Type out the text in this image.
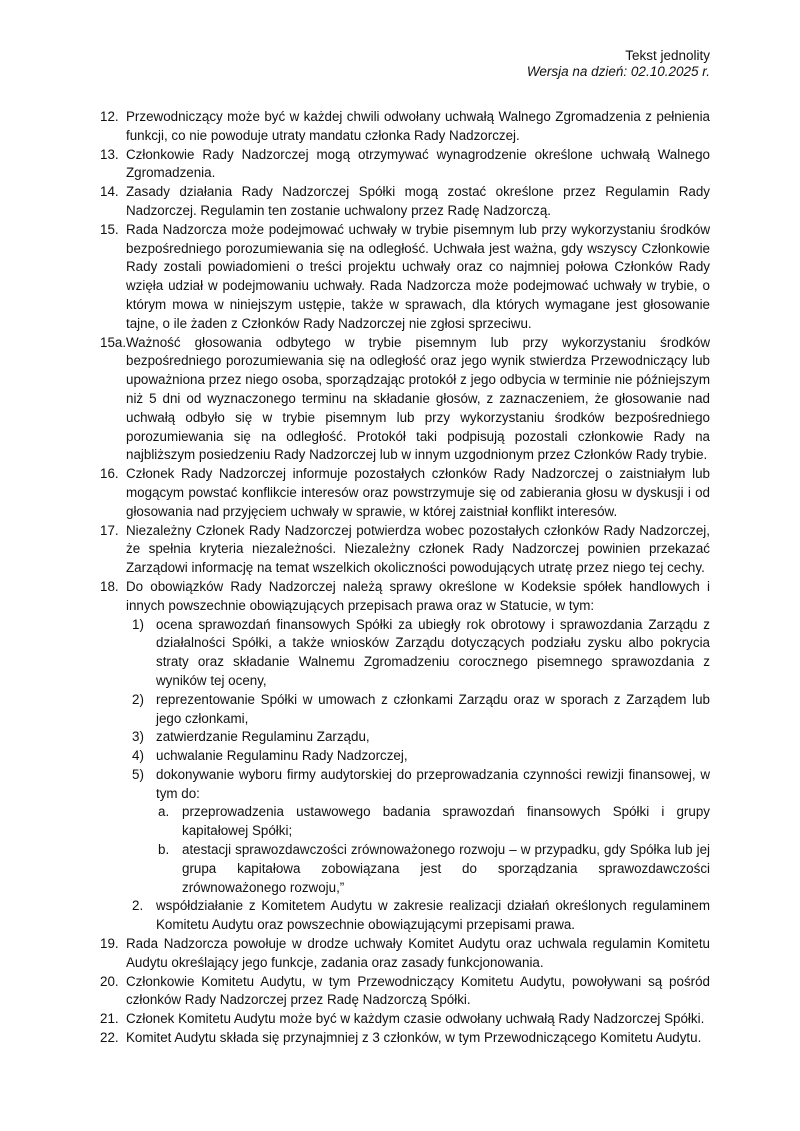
Tekst jednolity
Wersja na dzień: 02.10.2025 r.
12. Przewodniczący może być w każdej chwili odwołany uchwałą Walnego Zgromadzenia z pełnienia funkcji, co nie powoduje utraty mandatu członka Rady Nadzorczej.
13. Członkowie Rady Nadzorczej mogą otrzymywać wynagrodzenie określone uchwałą Walnego Zgromadzenia.
14. Zasady działania Rady Nadzorczej Spółki mogą zostać określone przez Regulamin Rady Nadzorczej. Regulamin ten zostanie uchwalony przez Radę Nadzorczą.
15. Rada Nadzorcza może podejmować uchwały w trybie pisemnym lub przy wykorzystaniu środków bezpośredniego porozumiewania się na odległość. Uchwała jest ważna, gdy wszyscy Członkowie Rady zostali powiadomieni o treści projektu uchwały oraz co najmniej połowa Członków Rady wzięła udział w podejmowaniu uchwały. Rada Nadzorcza może podejmować uchwały w trybie, o którym mowa w niniejszym ustępie, także w sprawach, dla których wymagane jest głosowanie tajne, o ile żaden z Członków Rady Nadzorczej nie zgłosi sprzeciwu.
15a. Ważność głosowania odbytego w trybie pisemnym lub przy wykorzystaniu środków bezpośredniego porozumiewania się na odległość oraz jego wynik stwierdza Przewodniczący lub upoważniona przez niego osoba, sporządzając protokół z jego odbycia w terminie nie późniejszym niż 5 dni od wyznaczonego terminu na składanie głosów, z zaznaczeniem, że głosowanie nad uchwałą odbyło się w trybie pisemnym lub przy wykorzystaniu środków bezpośredniego porozumiewania się na odległość. Protokół taki podpisują pozostali członkowie Rady na najbliższym posiedzeniu Rady Nadzorczej lub w innym uzgodnionym przez Członków Rady trybie.
16. Członek Rady Nadzorczej informuje pozostałych członków Rady Nadzorczej o zaistniałym lub mogącym powstać konflikcie interesów oraz powstrzymuje się od zabierania głosu w dyskusji i od głosowania nad przyjęciem uchwały w sprawie, w której zaistniał konflikt interesów.
17. Niezależny Członek Rady Nadzorczej potwierdza wobec pozostałych członków Rady Nadzorczej, że spełnia kryteria niezależności. Niezależny członek Rady Nadzorczej powinien przekazać Zarządowi informację na temat wszelkich okoliczności powodujących utratę przez niego tej cechy.
18. Do obowiązków Rady Nadzorczej należą sprawy określone w Kodeksie spółek handlowych i innych powszechnie obowiązujących przepisach prawa oraz w Statucie, w tym:
1) ocena sprawozdań finansowych Spółki za ubiegły rok obrotowy i sprawozdania Zarządu z działalności Spółki, a także wniosków Zarządu dotyczących podziału zysku albo pokrycia straty oraz składanie Walnemu Zgromadzeniu corocznego pisemnego sprawozdania z wyników tej oceny,
2) reprezentowanie Spółki w umowach z członkami Zarządu oraz w sporach z Zarządem lub jego członkami,
3) zatwierdzanie Regulaminu Zarządu,
4) uchwalanie Regulaminu Rady Nadzorczej,
5) dokonywanie wyboru firmy audytorskiej do przeprowadzania czynności rewizji finansowej, w tym do:
a. przeprowadzenia ustawowego badania sprawozdań finansowych Spółki i grupy kapitałowej Spółki;
b. atestacji sprawozdawczości zrównoważonego rozwoju – w przypadku, gdy Spółka lub jej grupa kapitałowa zobowiązana jest do sporządzania sprawozdawczości zrównoważonego rozwoju,”
2. współdziałanie z Komitetem Audytu w zakresie realizacji działań określonych regulaminem Komitetu Audytu oraz powszechnie obowiązującymi przepisami prawa.
19. Rada Nadzorcza powołuje w drodze uchwały Komitet Audytu oraz uchwala regulamin Komitetu Audytu określający jego funkcje, zadania oraz zasady funkcjonowania.
20. Członkowie Komitetu Audytu, w tym Przewodniczący Komitetu Audytu, powoływani są pośród członków Rady Nadzorczej przez Radę Nadzorczą Spółki.
21. Członek Komitetu Audytu może być w każdym czasie odwołany uchwałą Rady Nadzorczej Spółki.
22. Komitet Audytu składa się przynajmniej z 3 członków, w tym Przewodniczącego Komitetu Audytu.
